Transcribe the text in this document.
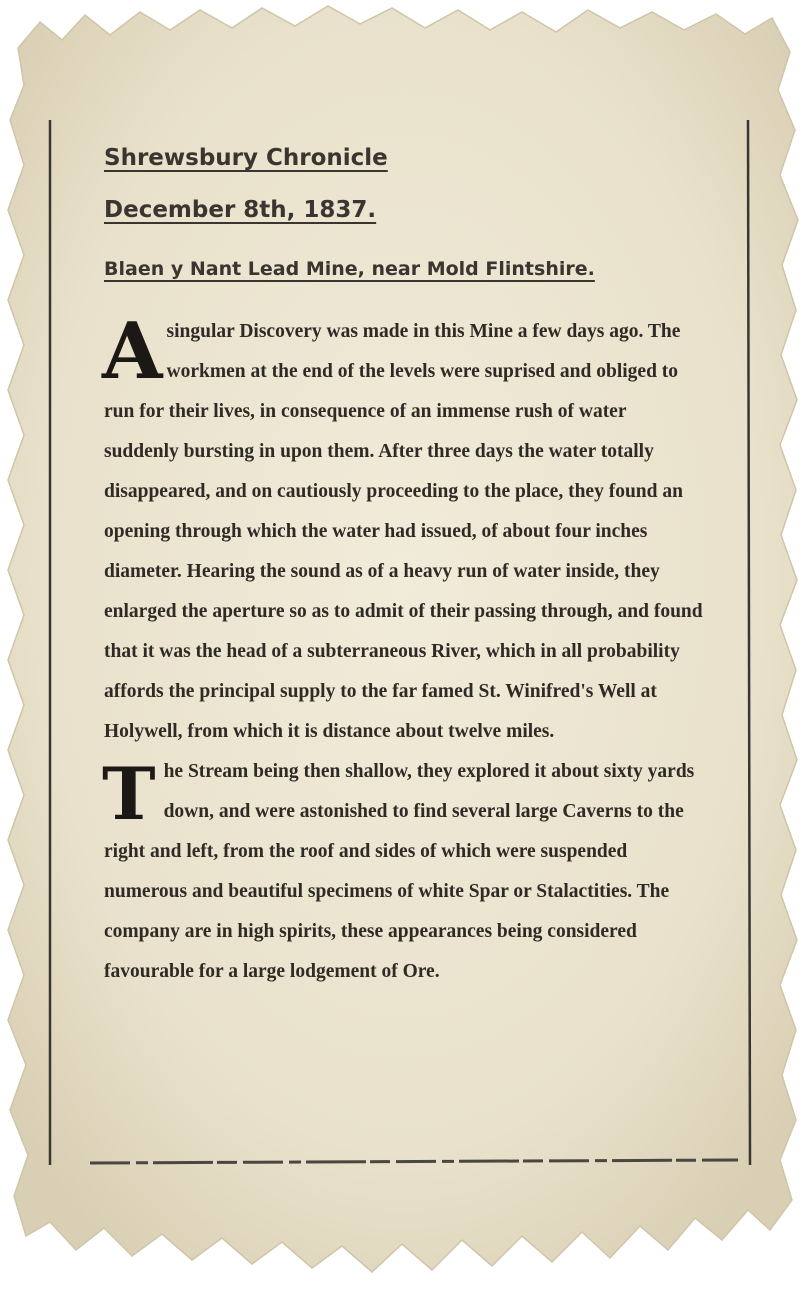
Shrewsbury Chronicle
December 8th, 1837.
Blaen y Nant Lead Mine, near Mold Flintshire.

Asingular Discovery was made in this Mine a few days ago. The workmen at the end of the levels were suprised and obliged to run for their lives, in consequence of an immense rush of water suddenly bursting in upon them. After three days the water totally disappeared, and on cautiously proceeding to the place, they found an opening through which the water had issued, of about four inches diameter. Hearing the sound as of a heavy run of water inside, they enlarged the aperture so as to admit of their passing through, and found that it was the head of a subterraneous River, which in all probability affords the principal supply to the far famed St. Winifred's Well at Holywell, from which it is distance about twelve miles.

The Stream being then shallow, they explored it about sixty yards down, and were astonished to find several large Caverns to the right and left, from the roof and sides of which were suspended numerous and beautiful specimens of white Spar or Stalactities. The company are in high spirits, these appearances being considered favourable for a large lodgement of Ore.
